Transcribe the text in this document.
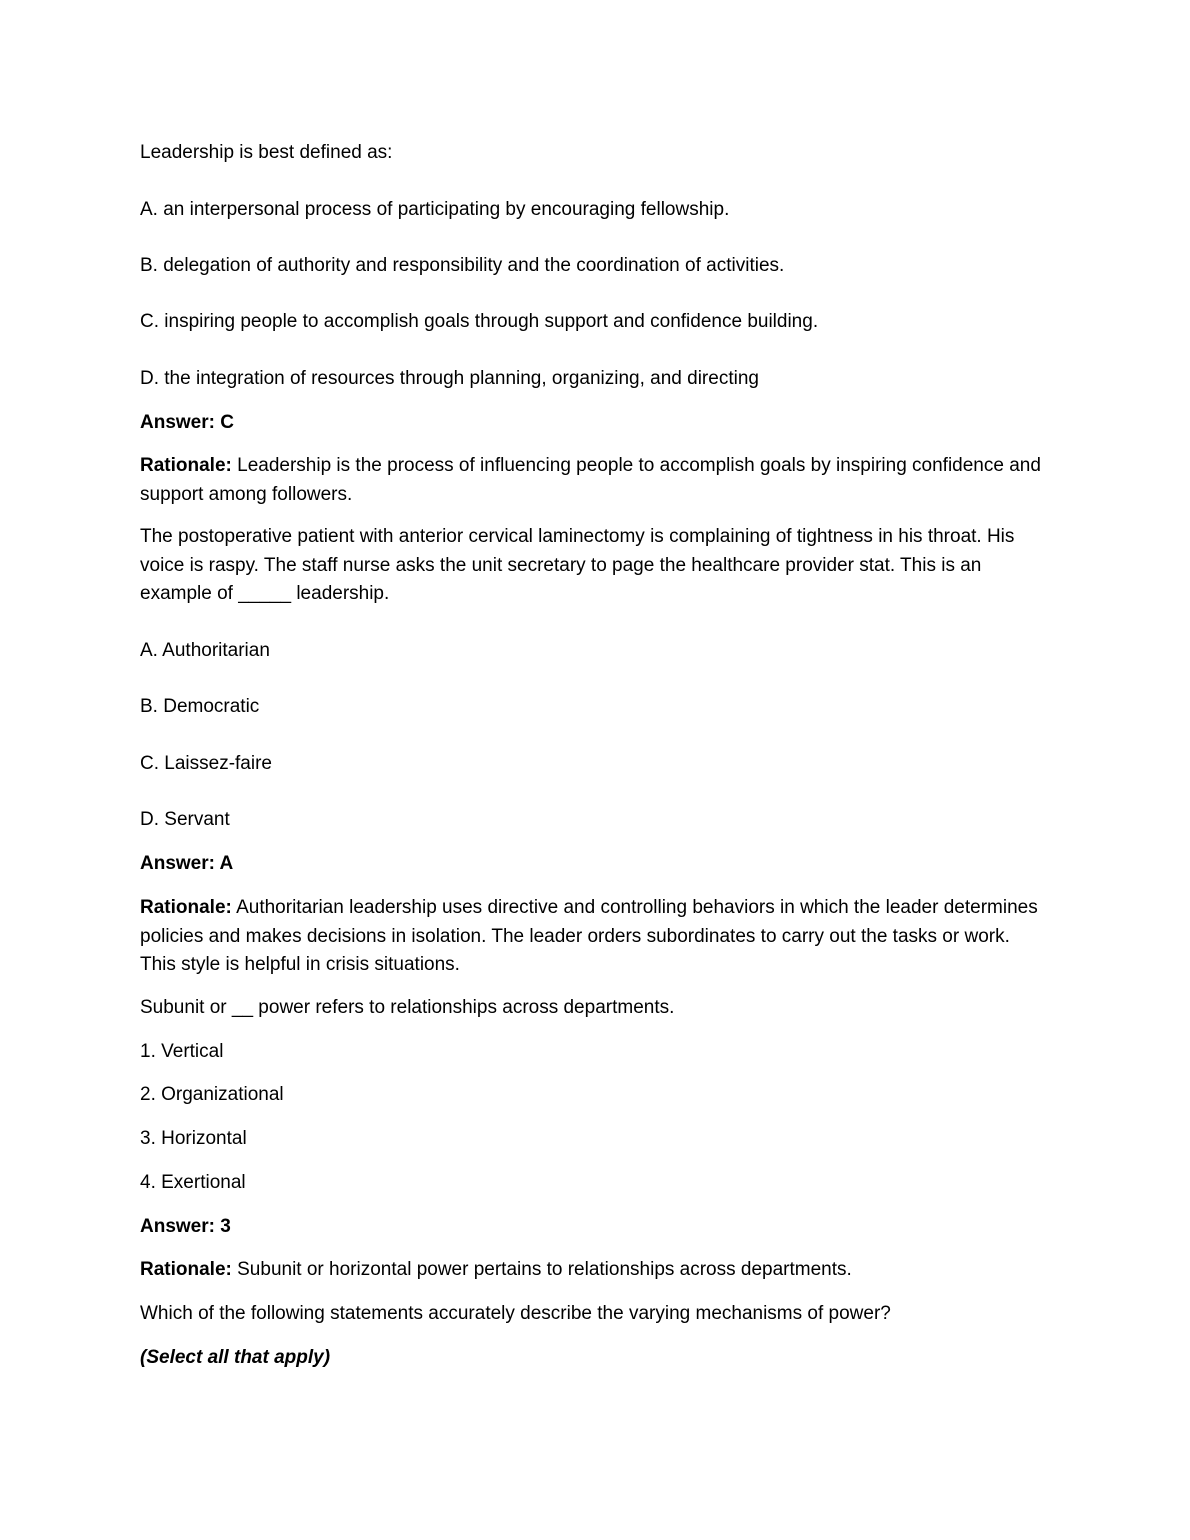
Leadership is best defined as:
A. an interpersonal process of participating by encouraging fellowship.
B. delegation of authority and responsibility and the coordination of activities.
C. inspiring people to accomplish goals through support and confidence building.
D. the integration of resources through planning, organizing, and directing
Answer: C
Rationale: Leadership is the process of influencing people to accomplish goals by inspiring confidence and support among followers.
The postoperative patient with anterior cervical laminectomy is complaining of tightness in his throat. His voice is raspy. The staff nurse asks the unit secretary to page the healthcare provider stat. This is an example of _____ leadership.
A. Authoritarian
B. Democratic
C. Laissez-faire
D. Servant
Answer: A
Rationale: Authoritarian leadership uses directive and controlling behaviors in which the leader determines policies and makes decisions in isolation. The leader orders subordinates to carry out the tasks or work. This style is helpful in crisis situations.
Subunit or __ power refers to relationships across departments.
1. Vertical
2. Organizational
3. Horizontal
4. Exertional
Answer: 3
Rationale: Subunit or horizontal power pertains to relationships across departments.
Which of the following statements accurately describe the varying mechanisms of power?
(Select all that apply)
